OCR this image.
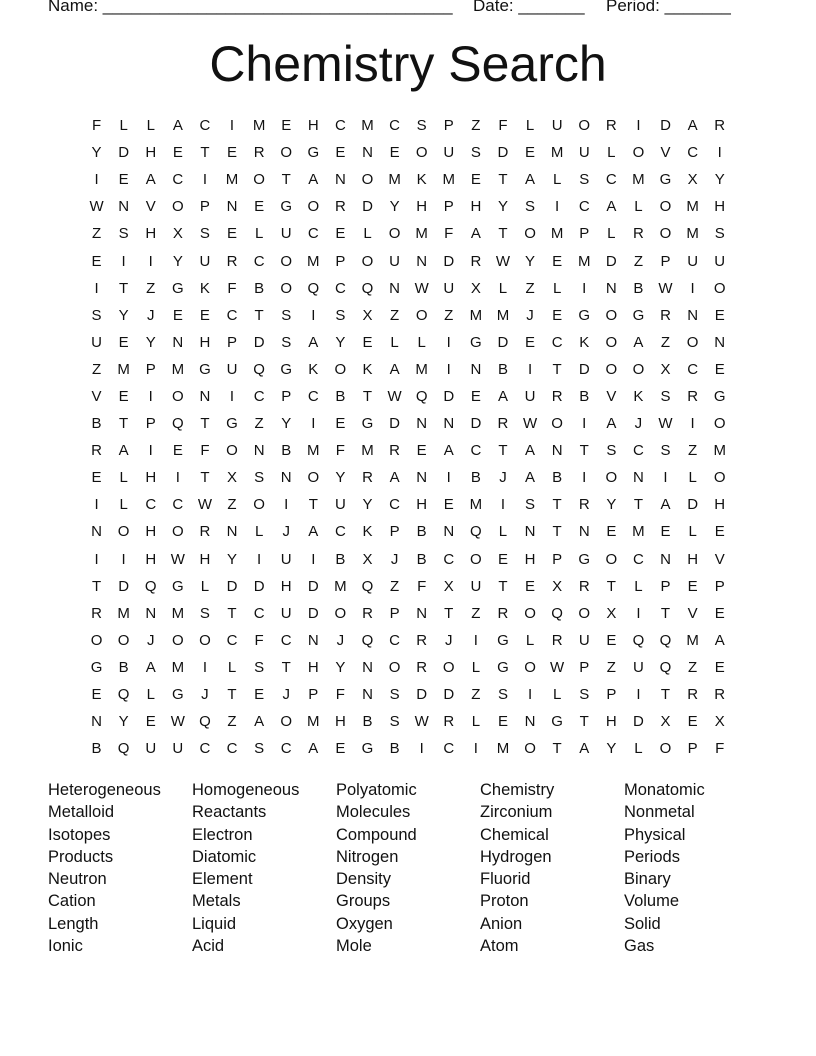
Name: _____________________________________ Date: _______ Period: _______
Chemistry Search
F	L	L	A	C	I	M	E	H	C	M	C	S	P	Z	F	L	U	O	R	I	D	A	R
Y	D	H	E	T	E	R	O	G	E	N	E	O	U	S	D	E	M	U	L	O	V	C	I
I	E	A	C	I	M	O	T	A	N	O	M	K	M	E	T	A	L	S	C	M	G	X	Y
W N	V	O	P	N	E	G	O	R	D	Y	H	P	H	Y	S	I	C	A	L	O	M	H
Z	S	H	X	S	E	L	U	C	E	L	O	M	F	A	T	O	M	P	L	R	O	M	S
E	I	I	Y	U	R	C	O	M	P	O	U	N	D	R W	Y	E	M	D	Z	P	U	U
I	T	Z	G	K	F	B	O	Q	C	Q	N W U	X	L	Z	L	I	N	B	W	I	O
S	Y	J	E	E	C	T	S	I	S	X	Z	O	Z	M M	J	E	G	O	G	R	N	E
U	E	Y	N	H	P	D	S	A	Y	E	L	L	I	G	D	E	C	K	O	A	Z	O	N
Z	M	P	M	G	U	Q	G	K	O	K	A	M	I	N	B	I	T	D	O	O	X	C	E
V	E	I	O	N	I	C	P	C	B	T	W Q	D	E	A	U	R	B	V	K	S	R	G
B	T	P	Q	T	G	Z	Y	I	E	G	D	N	N	D	R W O	I	A	J	W	I	O
R	A	I	E	F	O	N	B	M	F	M	R	E	A	C	T	A	N	T	S	C	S	Z	M
E	L	H	I	T	X	S	N	O	Y	R	A	N	I	B	J	A	B	I	O	N	I	L	O
I	L	C	C W	Z	O	I	T	U	Y	C	H	E	M	I	S	T	R	Y	T	A	D	H
N	O	H	O	R	N	L	J	A	C	K	P	B	N	Q	L	N	T	N	E	M	E	L	E
I	I	H W H	Y	I	U	I	B	X	J	B	C	O	E	H	P	G	O	C	N	H	V
T	D	Q	G	L	D	D	H	D	M	Q	Z	F	X	U	T	E	X	R	T	L	P	E	P
R	M	N	M	S	T	C	U	D	O	R	P	N	T	Z	R	O	Q	O	X	I	T	V	E
O	O	J	O	O	C	F	C	N	J	Q	C	R	J	I	G	L	R	U	E	Q	Q	M	A
G	B	A	M	I	L	S	T	H	Y	N	O	R	O	L	G	O W	P	Z	U	Q	Z	E
E	Q	L	G	J	T	E	J	P	F	N	S	D	D	Z	S	I	L	S	P	I	T	R	R
N	Y	E	W Q	Z	A	O	M	H	B	S	W R	L	E	N	G	T	H	D	X	E	X
B	Q	U	U	C	C	S	C	A	E	G	B	I	C	I	M	O	T	A	Y	L	O	P	F
Heterogeneous	Homogeneous	Polyatomic	Chemistry	Monatomic
Metalloid	Reactants	Molecules	Zirconium	Nonmetal
Isotopes	Electron	Compound	Chemical	Physical
Products	Diatomic	Nitrogen	Hydrogen	Periods
Neutron	Element	Density	Fluorid	Binary
Cation	Metals	Groups	Proton	Volume
Length	Liquid	Oxygen	Anion	Solid
Ionic	Acid	Mole	Atom	Gas
